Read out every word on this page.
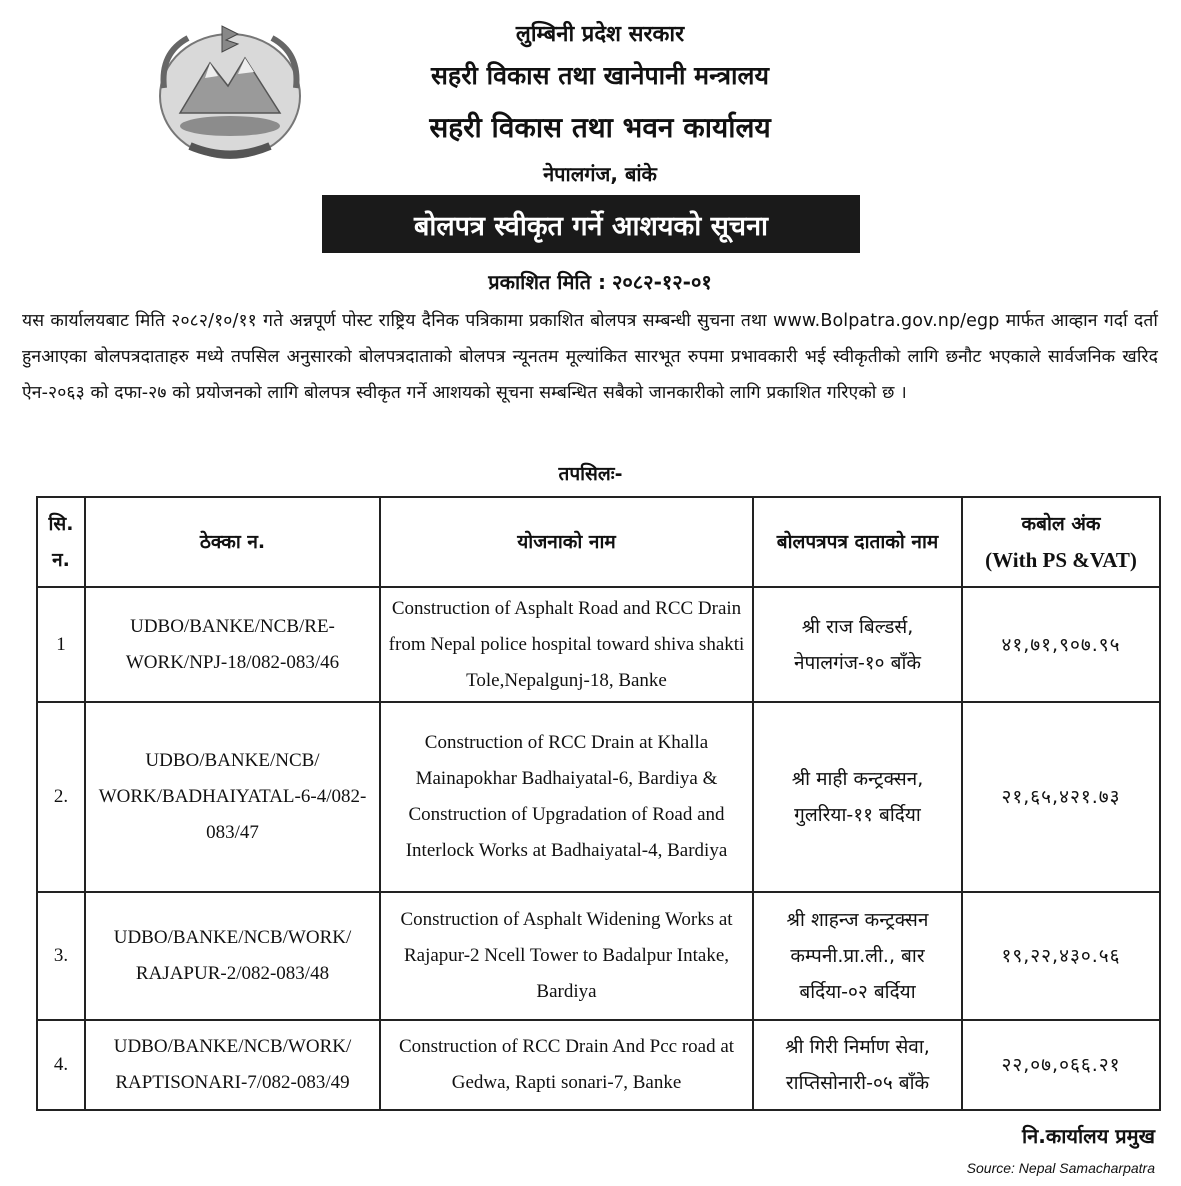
लुम्बिनी प्रदेश सरकार
सहरी विकास तथा खानेपानी मन्त्रालय
सहरी विकास तथा भवन कार्यालय
नेपालगंज, बांके
बोलपत्र स्वीकृत गर्ने आशयको सूचना
प्रकाशित मिति : २०८२-१२-०१
यस कार्यालयबाट मिति २०८२/१०/११ गते अन्नपूर्ण पोस्ट राष्ट्रिय दैनिक पत्रिकामा प्रकाशित बोलपत्र सम्बन्धी सुचना तथा www.Bolpatra.gov.np/egp मार्फत आव्हान गर्दा दर्ता हुनआएका बोलपत्रदाताहरु मध्ये तपसिल अनुसारको बोलपत्रदाताको बोलपत्र न्यूनतम मूल्यांकित सारभूत रुपमा प्रभावकारी भई स्वीकृतीको लागि छनौट भएकाले सार्वजनिक खरिद ऐन-२०६३ को दफा-२७ को प्रयोजनको लागि बोलपत्र स्वीकृत गर्ने आशयको सूचना सम्बन्धित सबैको जानकारीको लागि प्रकाशित गरिएको छ ।
तपसिलः-
सि. न.	ठेक्का न.	योजनाको नाम	बोलपत्रपत्र दाताको नाम	कबोल अंक
(With PS &VAT)

1	UDBO/BANKE/NCB/RE-WORK/NPJ-18/082-083/46	Construction of Asphalt Road and RCC Drain from Nepal police hospital toward shiva shakti Tole,Nepalgunj-18, Banke	श्री राज बिल्डर्स, नेपालगंज-१० बाँके	४१,७१,९०७.९५
2.	UDBO/BANKE/NCB/ WORK/BADHAIYATAL-6-4/082-083/47	Construction of RCC Drain at Khalla Mainapokhar Badhaiyatal-6, Bardiya & Construction of Upgradation of Road and Interlock Works at Badhaiyatal-4, Bardiya	श्री माही कन्ट्रक्सन, गुलरिया-११ बर्दिया	२१,६५,४२१.७३
3.	UDBO/BANKE/NCB/WORK/ RAJAPUR-2/082-083/48	Construction of Asphalt Widening Works at Rajapur-2 Ncell Tower to Badalpur Intake, Bardiya	श्री शाहन्ज कन्ट्रक्सन कम्पनी.प्रा.ली., बार बर्दिया-०२ बर्दिया	१९,२२,४३०.५६
4.	UDBO/BANKE/NCB/WORK/ RAPTISONARI-7/082-083/49	Construction of RCC Drain And Pcc road at Gedwa, Rapti sonari-7, Banke	श्री गिरी निर्माण सेवा, राप्तिसोनारी-०५ बाँके	२२,०७,०६६.२१
नि.कार्यालय प्रमुख
Source: Nepal Samacharpatra
